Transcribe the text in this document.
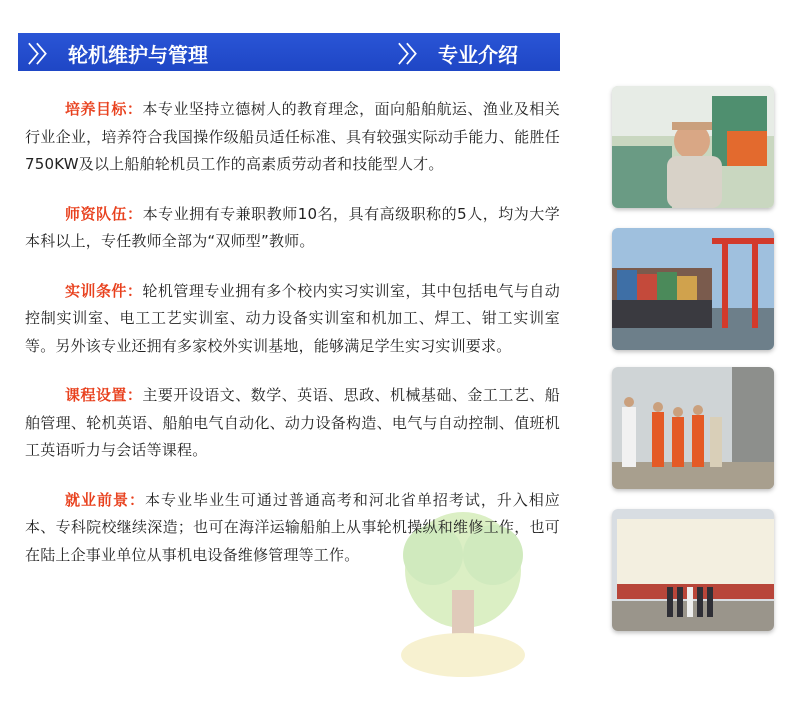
〉〉 轮机维护与管理	〉〉 专业介绍

培养目标：本专业坚持立德树人的教育理念，面向船舶航运、渔业及相关行业企业，培养符合我国操作级船员适任标准、具有较强实际动手能力、能胜任750KW及以上船舶轮机员工作的高素质劳动者和技能型人才。

师资队伍：本专业拥有专兼职教师10名，具有高级职称的5人，均为大学本科以上，专任教师全部为“双师型”教师。

实训条件：轮机管理专业拥有多个校内实习实训室，其中包括电气与自动控制实训室、电工工艺实训室、动力设备实训室和机加工、焊工、钳工实训室等。另外该专业还拥有多家校外实训基地，能够满足学生实习实训要求。

课程设置：主要开设语文、数学、英语、思政、机械基础、金工工艺、船舶管理、轮机英语、船舶电气自动化、动力设备构造、电气与自动控制、值班机工英语听力与会话等课程。

就业前景：本专业毕业生可通过普通高考和河北省单招考试，升入相应本、专科院校继续深造；也可在海洋运输船舶上从事轮机操纵和维修工作，也可在陆上企事业单位从事机电设备维修管理等工作。
